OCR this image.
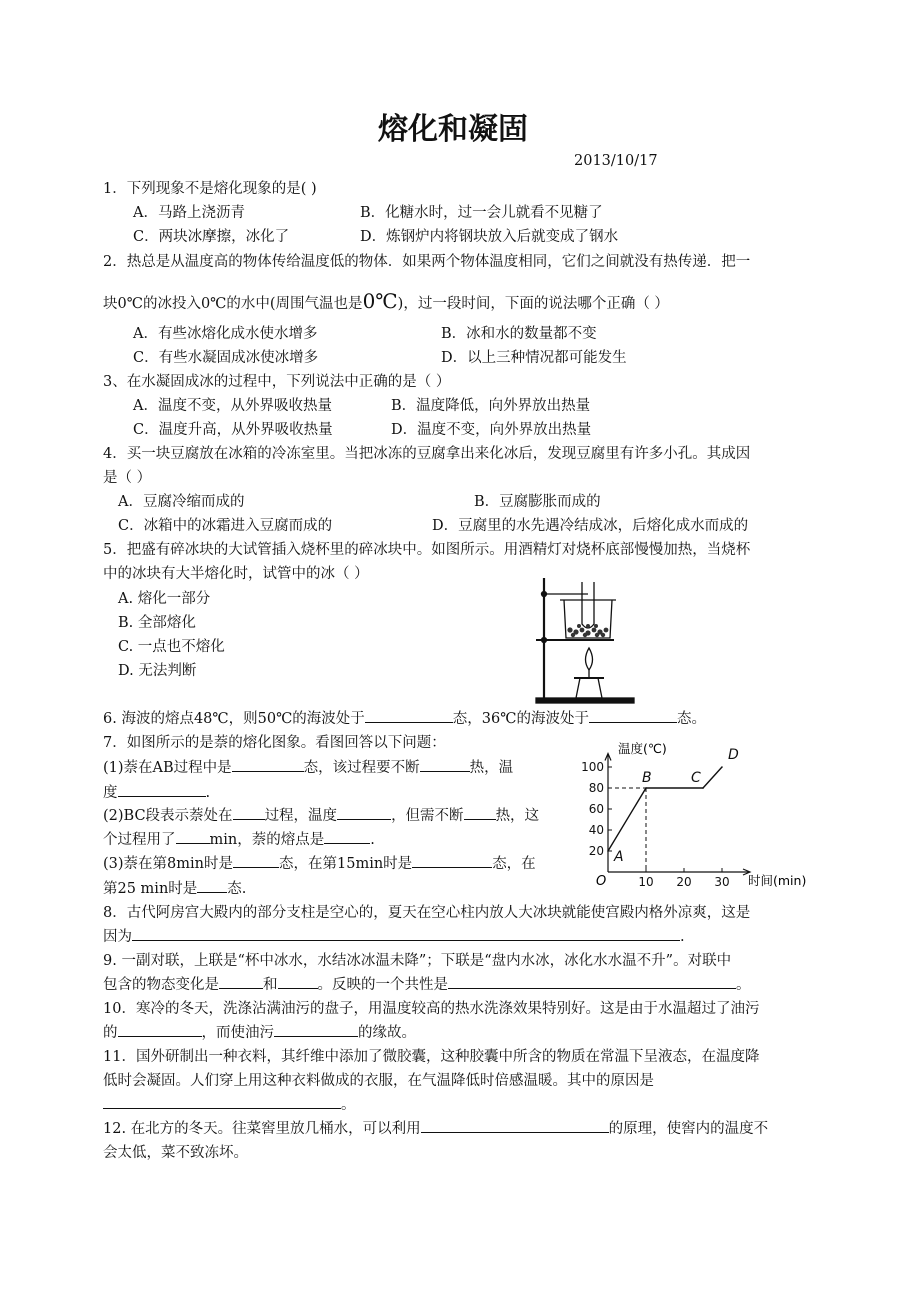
熔化和凝固
2013/10/17
1．下列现象不是熔化现象的是( )
A．马路上浇沥青	B．化糖水时，过一会儿就看不见糖了
C．两块冰摩擦，冰化了	D．炼钢炉内将钢块放入后就变成了钢水
2．热总是从温度高的物体传给温度低的物体．如果两个物体温度相同，它们之间就没有热传递．把一
块0℃的冰投入0℃的水中(周围气温也是0℃)，过一段时间，下面的说法哪个正确（ ）
A．有些冰熔化成水使水增多	B．冰和水的数量都不变
C．有些水凝固成冰使冰增多	D．以上三种情况都可能发生
3、在水凝固成冰的过程中，下列说法中正确的是（ ）
A．温度不变，从外界吸收热量	B．温度降低，向外界放出热量
C．温度升高，从外界吸收热量	D．温度不变，向外界放出热量
4．买一块豆腐放在冰箱的冷冻室里。当把冰冻的豆腐拿出来化冰后，发现豆腐里有许多小孔。其成因
是（ ）
A．豆腐冷缩而成的	B．豆腐膨胀而成的
C．冰箱中的冰霜进入豆腐而成的	D．豆腐里的水先遇冷结成冰，后熔化成水而成的
5．把盛有碎冰块的大试管插入烧杯里的碎冰块中。如图所示。用酒精灯对烧杯底部慢慢加热，当烧杯
中的冰块有大半熔化时，试管中的冰（ ）
A. 熔化一部分
B. 全部熔化
C. 一点也不熔化
D. 无法判断
6. 海波的熔点48℃，则50℃的海波处于	态，36℃的海波处于	态。
7．如图所示的是萘的熔化图象。看图回答以下问题：
(1)萘在AB过程中是	态，该过程要不断	热，温
度	.
(2)BC段表示萘处在 过程，温度	，但需不断 热，这
个过程用了 min，萘的熔点是	.
(3)萘在第8min时是	态，在第15min时是	态，在
第25 min时是 态.
温度(℃)
时间(min)
O
20
40
60
80
100
10 20 30
A
B	C
D
8．古代阿房宫大殿内的部分支柱是空心的，夏天在空心柱内放人大冰块就能使宫殿内格外凉爽，这是
因为	.
9. 一副对联，上联是“杯中冰水，水结冰冰温未降”；下联是“盘内水冰，冰化水水温不升”。对联中
包含的物态变化是	和	。反映的一个共性是	。
10．寒冷的冬天，洗涤沾满油污的盘子，用温度较高的热水洗涤效果特别好。这是由于水温超过了油污
的	，而使油污	的缘故。
11．国外研制出一种衣料，其纤维中添加了微胶囊，这种胶囊中所含的物质在常温下呈液态，在温度降
低时会凝固。人们穿上用这种衣料做成的衣服，在气温降低时倍感温暖。其中的原因是
。
12. 在北方的冬天。往菜窖里放几桶水，可以利用	的原理，使窖内的温度不
会太低，菜不致冻坏。
